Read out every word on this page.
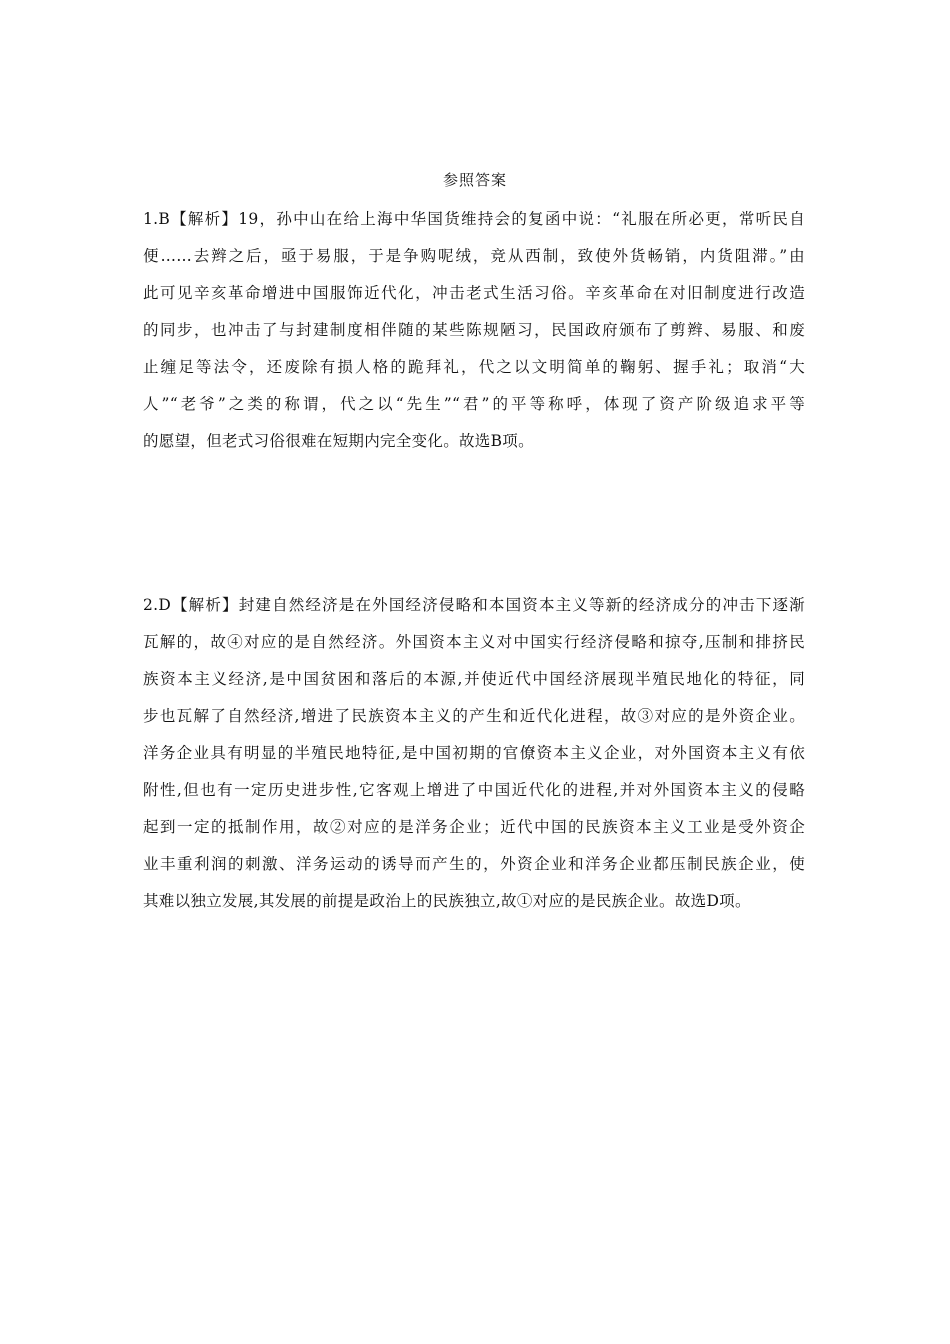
参照答案
1.B【解析】19，孙中山在给上海中华国货维持会的复函中说：“礼服在所必更，常听民自
便……去辫之后，亟于易服，于是争购呢绒，竞从西制，致使外货畅销，内货阻滞。”由
此可见辛亥革命增进中国服饰近代化，冲击老式生活习俗。辛亥革命在对旧制度进行改造
的同步，也冲击了与封建制度相伴随的某些陈规陋习，民国政府颁布了剪辫、易服、和废
止缠足等法令，还废除有损人格的跪拜礼，代之以文明简单的鞠躬、握手礼；取消“大
人”“老爷”之类的称谓，代之以“先生”“君”的平等称呼，体现了资产阶级追求平等
的愿望，但老式习俗很难在短期内完全变化。故选B项。
2.D【解析】封建自然经济是在外国经济侵略和本国资本主义等新的经济成分的冲击下逐渐
瓦解的，故④对应的是自然经济。外国资本主义对中国实行经济侵略和掠夺,压制和排挤民
族资本主义经济,是中国贫困和落后的本源,并使近代中国经济展现半殖民地化的特征，同
步也瓦解了自然经济,增进了民族资本主义的产生和近代化进程，故③对应的是外资企业。
洋务企业具有明显的半殖民地特征,是中国初期的官僚资本主义企业，对外国资本主义有依
附性,但也有一定历史进步性,它客观上增进了中国近代化的进程,并对外国资本主义的侵略
起到一定的抵制作用，故②对应的是洋务企业；近代中国的民族资本主义工业是受外资企
业丰重利润的刺激、洋务运动的诱导而产生的，外资企业和洋务企业都压制民族企业，使
其难以独立发展,其发展的前提是政治上的民族独立,故①对应的是民族企业。故选D项。
